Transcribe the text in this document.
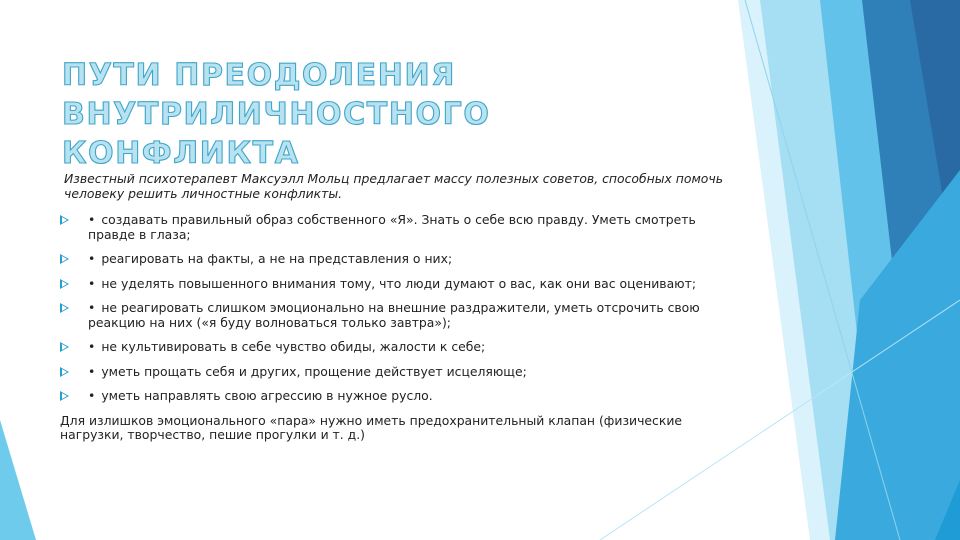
ПУТИ ПРЕОДОЛЕНИЯ
ВНУТРИЛИЧНОСТНОГО КОНФЛИКТА

Известный психотерапевт Максуэлл Мольц предлагает массу полезных советов, способных помочь человеку решить личностные конфликты.

• создавать правильный образ собственного «Я». Знать о себе всю правду. Уметь смотреть правде в глаза;
• реагировать на факты, а не на представления о них;
• не уделять повышенного внимания тому, что люди думают о вас, как они вас оценивают;
• не реагировать слишком эмоционально на внешние раздражители, уметь отсрочить свою реакцию на них («я буду волноваться только завтра»);
• не культивировать в себе чувство обиды, жалости к себе;
• уметь прощать себя и других, прощение действует исцеляюще;
• уметь направлять свою агрессию в нужное русло.

Для излишков эмоционального «пара» нужно иметь предохранительный клапан (физические нагрузки, творчество, пешие прогулки и т. д.)
